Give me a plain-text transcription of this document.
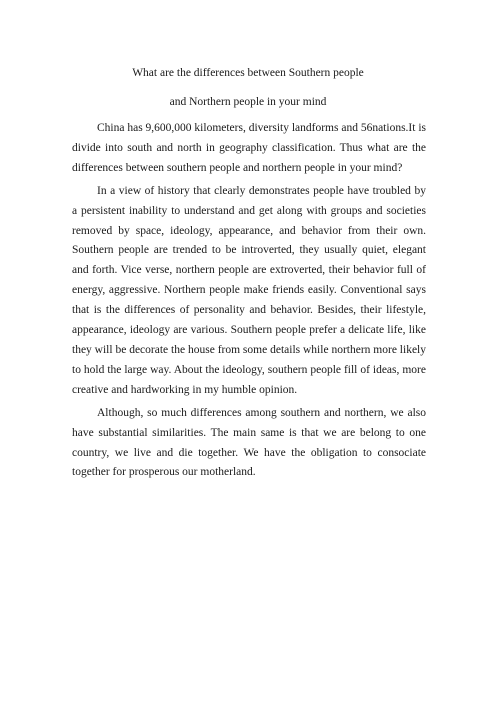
What are the differences between Southern people
and Northern people in your mind

China has 9,600,000 kilometers, diversity landforms and 56nations.It is divide into south and north in geography classification. Thus what are the differences between southern people and northern people in your mind?

In a view of history that clearly demonstrates people have troubled by a persistent inability to understand and get along with groups and societies removed by space, ideology, appearance, and behavior from their own. Southern people are trended to be introverted, they usually quiet, elegant and forth. Vice verse, northern people are extroverted, their behavior full of energy, aggressive. Northern people make friends easily. Conventional says that is the differences of personality and behavior. Besides, their lifestyle, appearance, ideology are various. Southern people prefer a delicate life, like they will be decorate the house from some details while northern more likely to hold the large way. About the ideology, southern people fill of ideas, more creative and hardworking in my humble opinion.

Although, so much differences among southern and northern, we also have substantial similarities. The main same is that we are belong to one country, we live and die together. We have the obligation to consociate together for prosperous our motherland.
